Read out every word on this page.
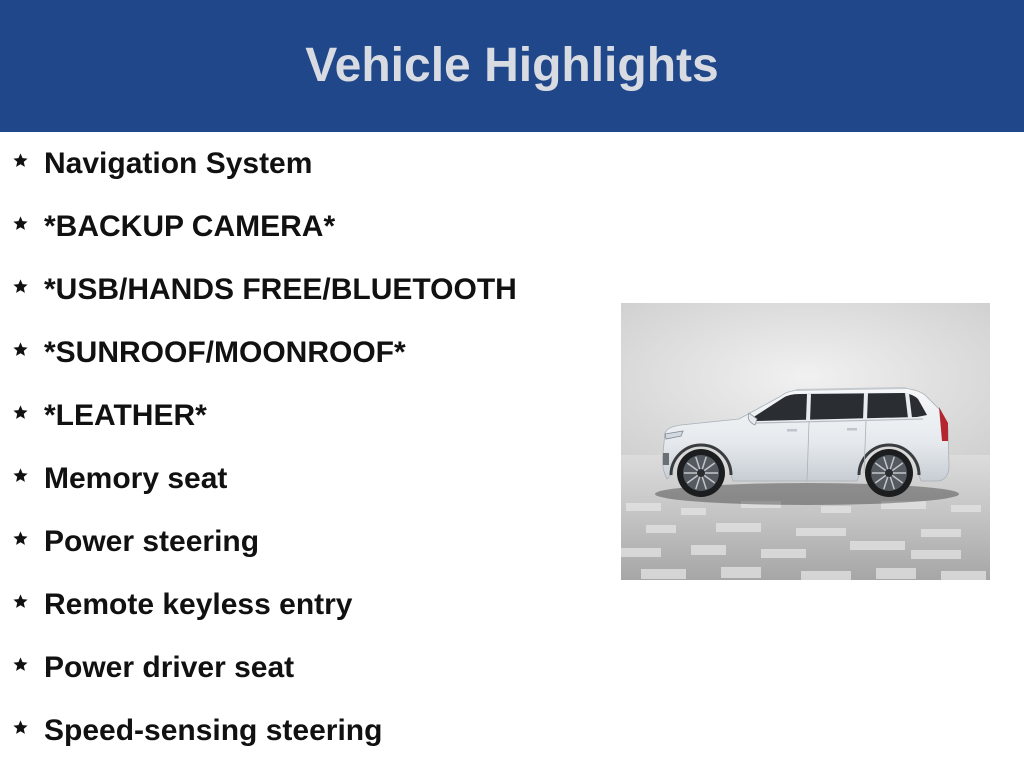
Vehicle Highlights
Navigation System
*BACKUP CAMERA*
*USB/HANDS FREE/BLUETOOTH
*SUNROOF/MOONROOF*
*LEATHER*
Memory seat
Power steering
Remote keyless entry
Power driver seat
Speed-sensing steering
